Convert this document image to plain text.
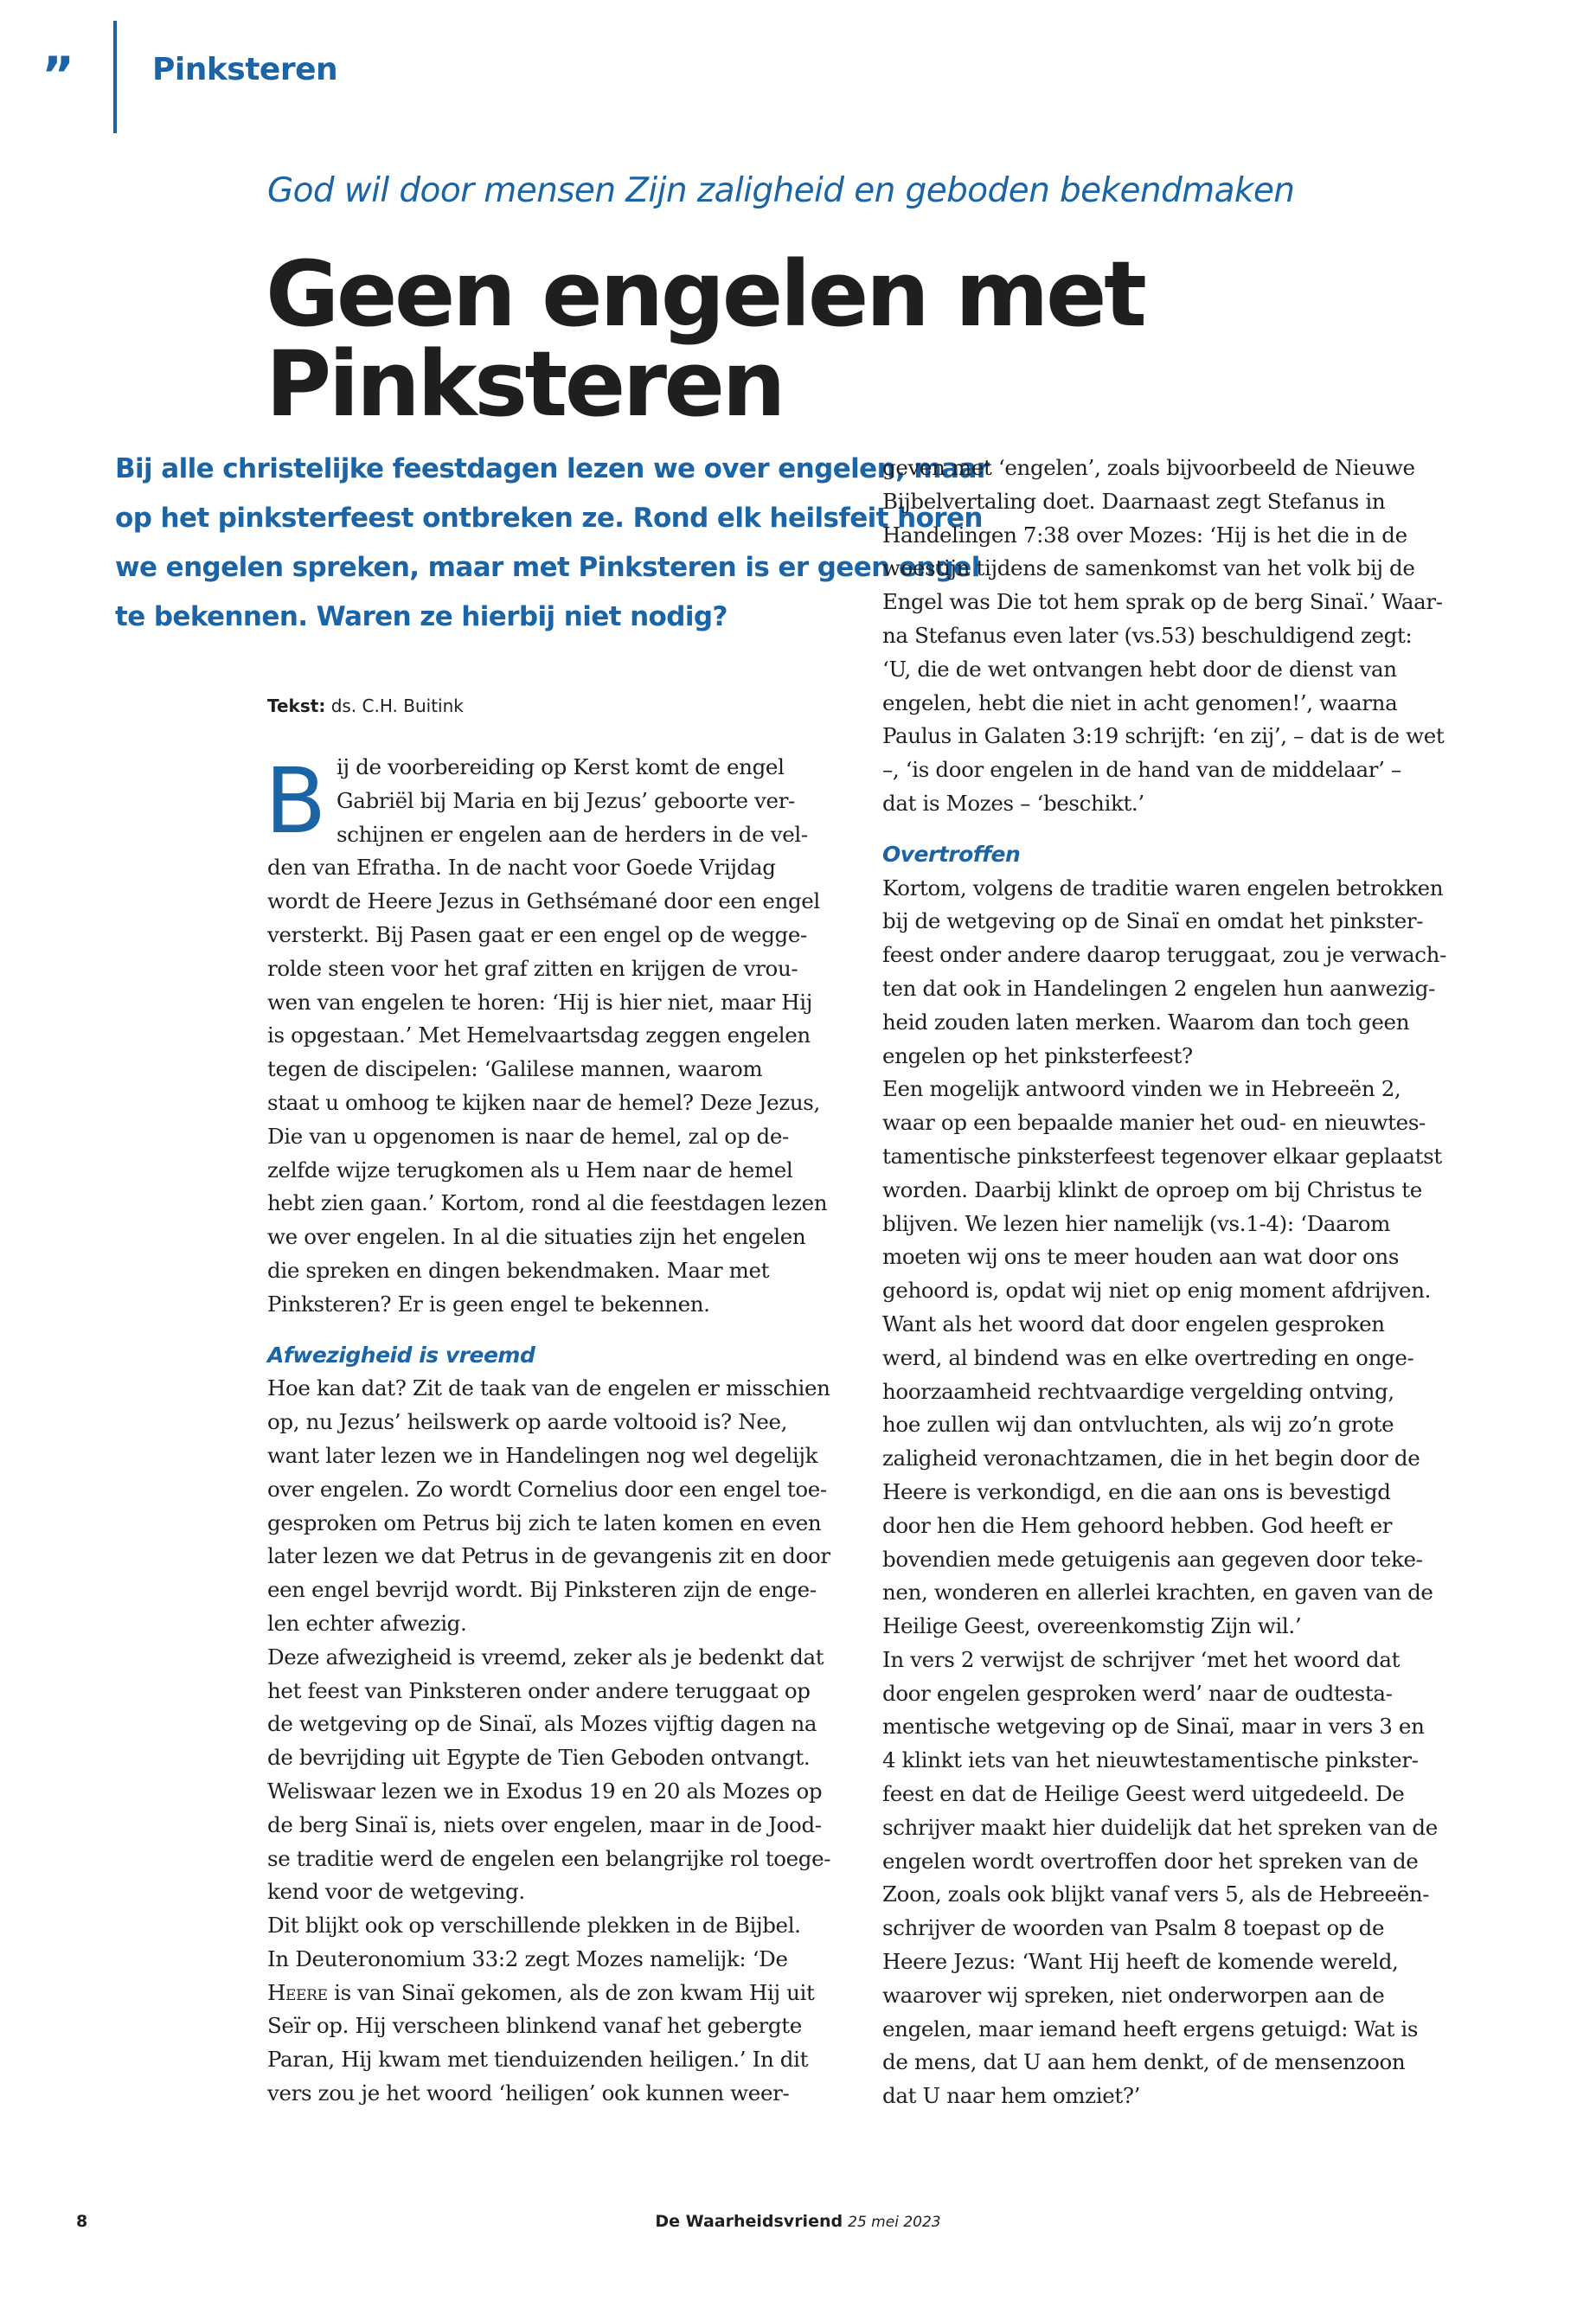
” Pinksteren
God wil door mensen Zijn zaligheid en geboden bekendmaken
Geen engelen met Pinksteren
Bij alle christelijke feestdagen lezen we over engelen, maar
op het pinksterfeest ontbreken ze. Rond elk heilsfeit horen
we engelen spreken, maar met Pinksteren is er geen engel
te bekennen. Waren ze hierbij niet nodig?
Tekst: ds. C.H. Buitink

B ij de voorbereiding op Kerst komt de engel
Gabriël bij Maria en bij Jezus’ geboorte ver-
schijnen er engelen aan de herders in de vel-
den van Efratha. In de nacht voor Goede Vrijdag
wordt de Heere Jezus in Gethsémané door een engel
versterkt. Bij Pasen gaat er een engel op de wegge-
rolde steen voor het graf zitten en krijgen de vrou-
wen van engelen te horen: ‘Hij is hier niet, maar Hij
is opgestaan.’ Met Hemelvaartsdag zeggen engelen
tegen de discipelen: ‘Galilese mannen, waarom
staat u omhoog te kijken naar de hemel? Deze Jezus,
Die van u opgenomen is naar de hemel, zal op de-
zelfde wijze terugkomen als u Hem naar de hemel
hebt zien gaan.’ Kortom, rond al die feestdagen lezen
we over engelen. In al die situaties zijn het engelen
die spreken en dingen bekendmaken. Maar met
Pinksteren? Er is geen engel te bekennen.

Afwezigheid is vreemd

Hoe kan dat? Zit de taak van de engelen er misschien
op, nu Jezus’ heilswerk op aarde voltooid is? Nee,
want later lezen we in Handelingen nog wel degelijk
over engelen. Zo wordt Cornelius door een engel toe-
gesproken om Petrus bij zich te laten komen en even
later lezen we dat Petrus in de gevangenis zit en door
een engel bevrijd wordt. Bij Pinksteren zijn de enge-
len echter afwezig.

Deze afwezigheid is vreemd, zeker als je bedenkt dat
het feest van Pinksteren onder andere teruggaat op
de wetgeving op de Sinaï, als Mozes vijftig dagen na
de bevrijding uit Egypte de Tien Geboden ontvangt.
Weliswaar lezen we in Exodus 19 en 20 als Mozes op
de berg Sinaï is, niets over engelen, maar in de Jood-
se traditie werd de engelen een belangrijke rol toege-
kend voor de wetgeving.

Dit blijkt ook op verschillende plekken in de Bijbel.
In Deuteronomium 33:2 zegt Mozes namelijk: ‘De
Heere is van Sinaï gekomen, als de zon kwam Hij uit
Seïr op. Hij verscheen blinkend vanaf het gebergte
Paran, Hij kwam met tienduizenden heiligen.’ In dit
vers zou je het woord ‘heiligen’ ook kunnen weer-

geven met ‘engelen’, zoals bijvoorbeeld de Nieuwe
Bijbelvertaling doet. Daarnaast zegt Stefanus in
Handelingen 7:38 over Mozes: ‘Hij is het die in de
woestijn tijdens de samenkomst van het volk bij de
Engel was Die tot hem sprak op de berg Sinaï.’ Waar-
na Stefanus even later (vs.53) beschuldigend zegt:
‘U, die de wet ontvangen hebt door de dienst van
engelen, hebt die niet in acht genomen!’, waarna
Paulus in Galaten 3:19 schrijft: ‘en zij’, – dat is de wet
–, ‘is door engelen in de hand van de middelaar’ –
dat is Mozes – ‘beschikt.’

Overtroffen

Kortom, volgens de traditie waren engelen betrokken
bij de wetgeving op de Sinaï en omdat het pinkster-
feest onder andere daarop teruggaat, zou je verwach-
ten dat ook in Handelingen 2 engelen hun aanwezig-
heid zouden laten merken. Waarom dan toch geen
engelen op het pinksterfeest?

Een mogelijk antwoord vinden we in Hebreeën 2,
waar op een bepaalde manier het oud- en nieuwtes-
tamentische pinksterfeest tegenover elkaar geplaatst
worden. Daarbij klinkt de oproep om bij Christus te
blijven. We lezen hier namelijk (vs.1-4): ‘Daarom
moeten wij ons te meer houden aan wat door ons
gehoord is, opdat wij niet op enig moment afdrijven.
Want als het woord dat door engelen gesproken
werd, al bindend was en elke overtreding en onge-
hoorzaamheid rechtvaardige vergelding ontving,
hoe zullen wij dan ontvluchten, als wij zo’n grote
zaligheid veronachtzamen, die in het begin door de
Heere is verkondigd, en die aan ons is bevestigd
door hen die Hem gehoord hebben. God heeft er
bovendien mede getuigenis aan gegeven door teke-
nen, wonderen en allerlei krachten, en gaven van de
Heilige Geest, overeenkomstig Zijn wil.’

In vers 2 verwijst de schrijver ‘met het woord dat
door engelen gesproken werd’ naar de oudtesta-
mentische wetgeving op de Sinaï, maar in vers 3 en
4 klinkt iets van het nieuwtestamentische pinkster-
feest en dat de Heilige Geest werd uitgedeeld. De
schrijver maakt hier duidelijk dat het spreken van de
engelen wordt overtroffen door het spreken van de
Zoon, zoals ook blijkt vanaf vers 5, als de Hebreeën-
schrijver de woorden van Psalm 8 toepast op de
Heere Jezus: ‘Want Hij heeft de komende wereld,
waarover wij spreken, niet onderworpen aan de
engelen, maar iemand heeft ergens getuigd: Wat is
de mens, dat U aan hem denkt, of de mensenzoon
dat U naar hem omziet?’

8	De Waarheidsvriend 25 mei 2023
